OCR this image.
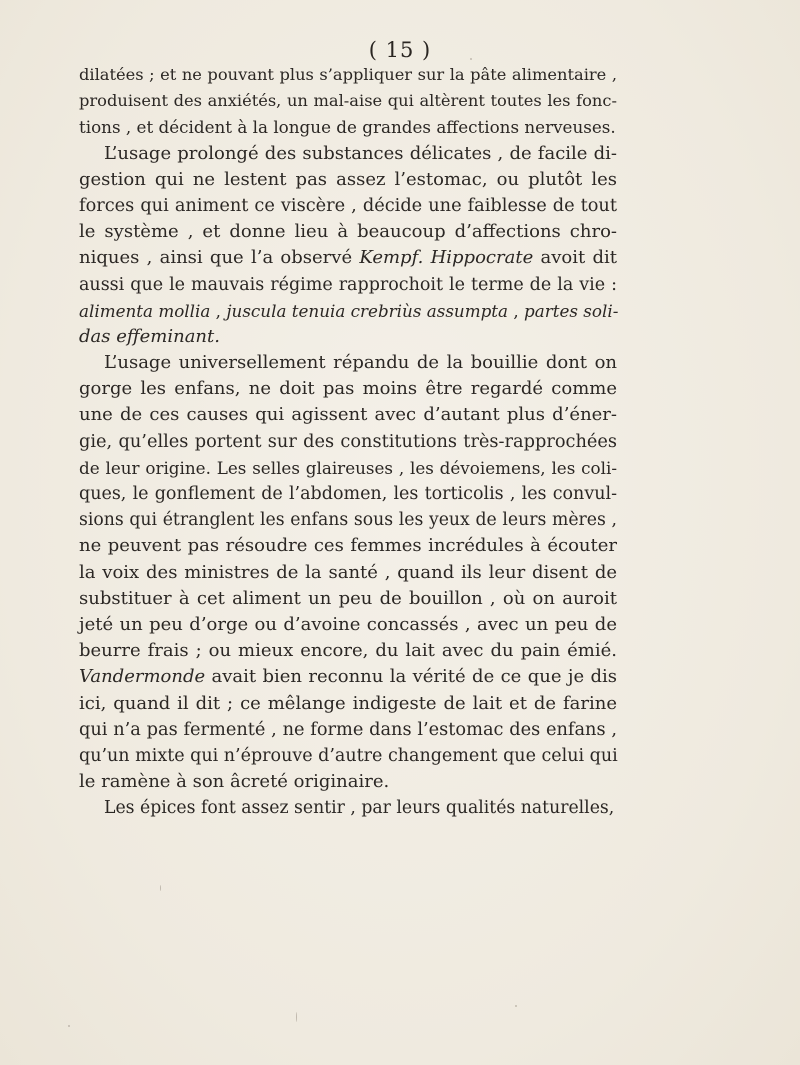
( 15 )
dilatées ; et ne pouvant plus s’appliquer sur la pâte alimentaire ,
produisent des anxiétés, un mal-aise qui altèrent toutes les fonc-
tions , et décident à la longue de grandes affections nerveuses.
L’usage prolongé des substances délicates , de facile di-
gestion qui ne lestent pas assez l’estomac, ou plutôt les
forces qui animent ce viscère , décide une faiblesse de tout
le système , et donne lieu à beaucoup d’affections chro-
niques , ainsi que l’a observé Kempf. Hippocrate avoit dit
aussi que le mauvais régime rapprochoit le terme de la vie :
alimenta mollia , juscula tenuia crebriùs assumpta , partes soli-
das effeminant.
L’usage universellement répandu de la bouillie dont on
gorge les enfans, ne doit pas moins être regardé comme
une de ces causes qui agissent avec d’autant plus d’éner-
gie, qu’elles portent sur des constitutions très-rapprochées
de leur origine. Les selles glaireuses , les dévoiemens, les coli-
ques, le gonflement de l’abdomen, les torticolis , les convul-
sions qui étranglent les enfans sous les yeux de leurs mères ,
ne peuvent pas résoudre ces femmes incrédules à écouter
la voix des ministres de la santé , quand ils leur disent de
substituer à cet aliment un peu de bouillon , où on auroit
jeté un peu d’orge ou d’avoine concassés , avec un peu de
beurre frais ; ou mieux encore, du lait avec du pain émié.
Vandermonde avait bien reconnu la vérité de ce que je dis
ici, quand il dit ; ce mêlange indigeste de lait et de farine
qui n’a pas fermenté , ne forme dans l’estomac des enfans ,
qu’un mixte qui n’éprouve d’autre changement que celui qui
le ramène à son âcreté originaire.
Les épices font assez sentir , par leurs qualités naturelles,
